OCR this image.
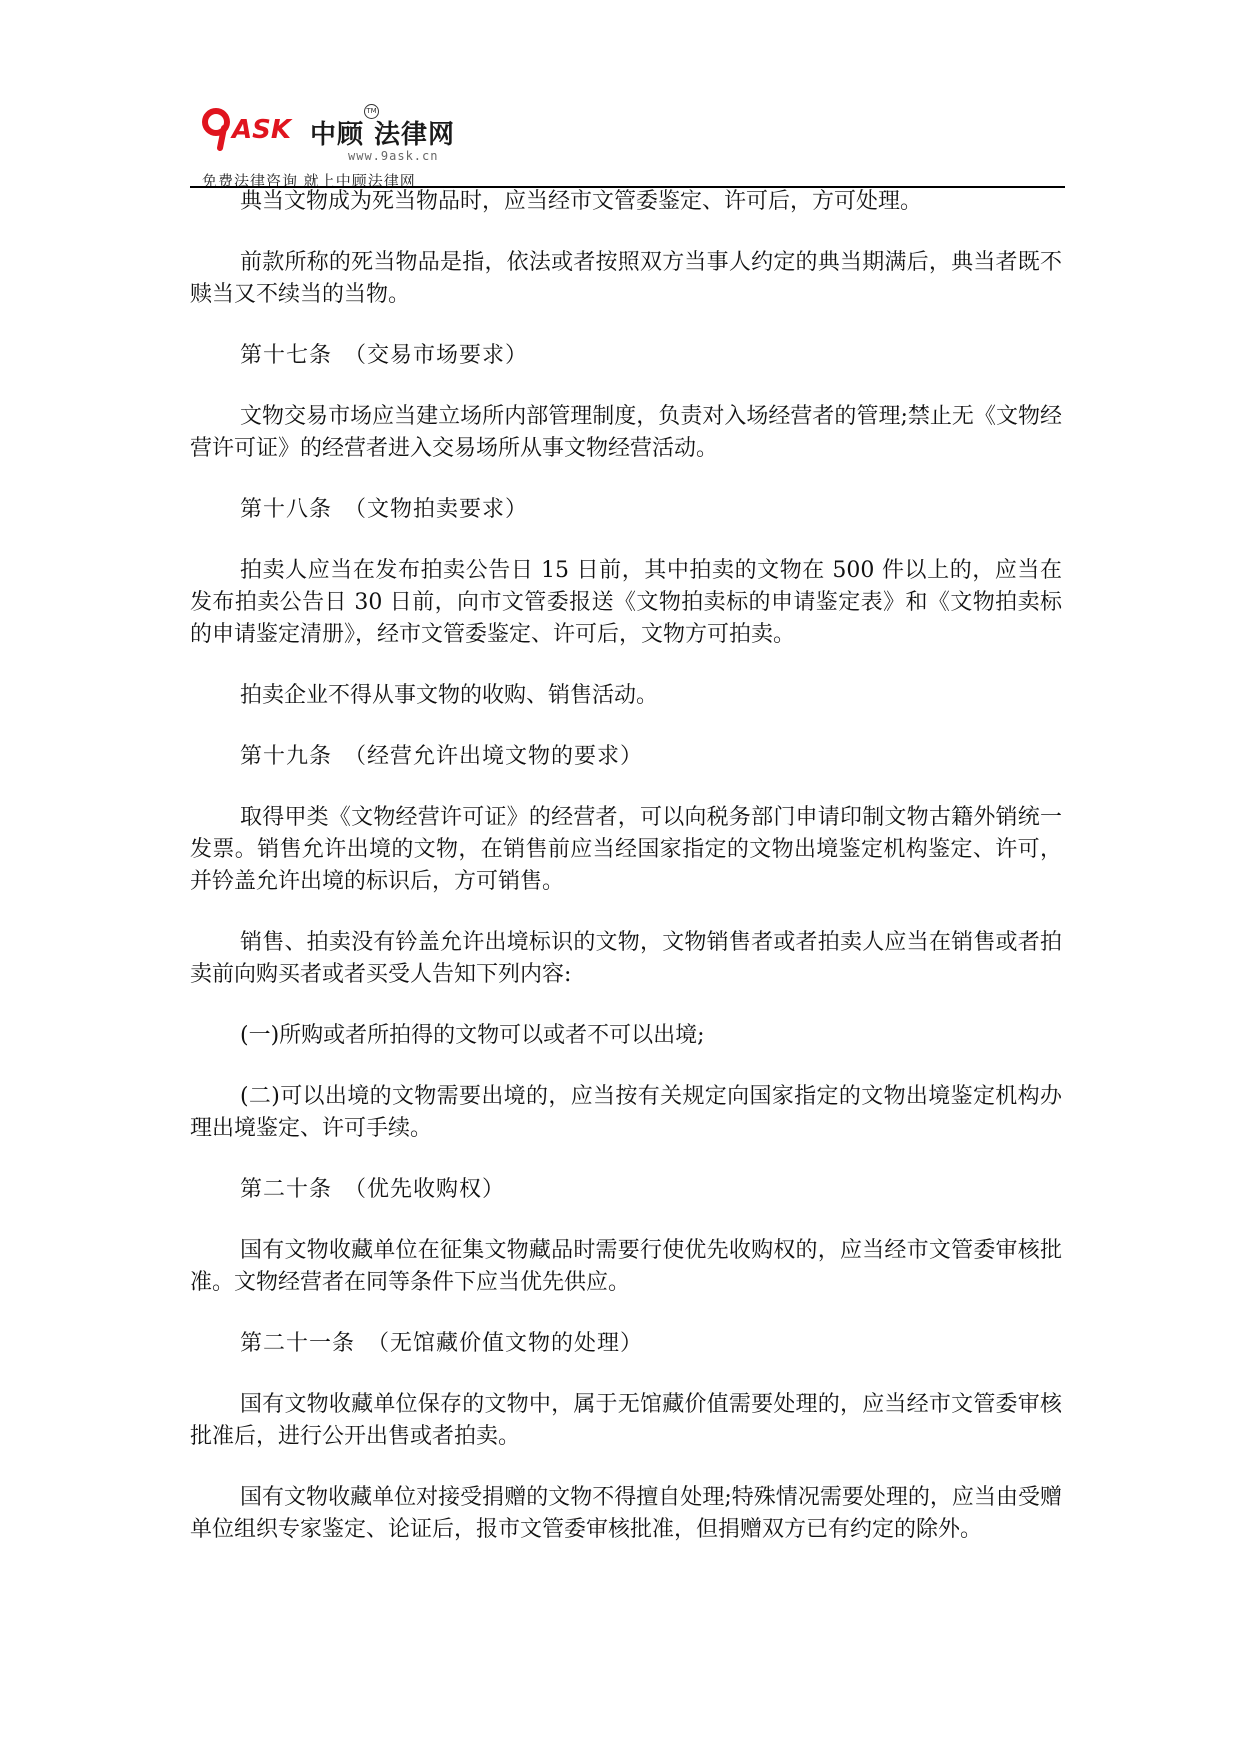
ASK
TM
中顾 法律网
www.9ask.cn
免费法律咨询 就上中顾法律网

典当文物成为死当物品时，应当经市文管委鉴定、许可后，方可处理。

前款所称的死当物品是指，依法或者按照双方当事人约定的典当期满后，典当者既不赎当又不续当的当物。

第十七条　（交易市场要求）

文物交易市场应当建立场所内部管理制度，负责对入场经营者的管理;禁止无《文物经营许可证》的经营者进入交易场所从事文物经营活动。

第十八条　（文物拍卖要求）

拍卖人应当在发布拍卖公告日 15 日前，其中拍卖的文物在 500 件以上的，应当在发布拍卖公告日 30 日前，向市文管委报送《文物拍卖标的申请鉴定表》和《文物拍卖标的申请鉴定清册》，经市文管委鉴定、许可后，文物方可拍卖。

拍卖企业不得从事文物的收购、销售活动。

第十九条　（经营允许出境文物的要求）

取得甲类《文物经营许可证》的经营者，可以向税务部门申请印制文物古籍外销统一发票。销售允许出境的文物，在销售前应当经国家指定的文物出境鉴定机构鉴定、许可，并钤盖允许出境的标识后，方可销售。

销售、拍卖没有钤盖允许出境标识的文物，文物销售者或者拍卖人应当在销售或者拍卖前向购买者或者买受人告知下列内容:

(一)所购或者所拍得的文物可以或者不可以出境;

(二)可以出境的文物需要出境的，应当按有关规定向国家指定的文物出境鉴定机构办理出境鉴定、许可手续。

第二十条　（优先收购权）

国有文物收藏单位在征集文物藏品时需要行使优先收购权的，应当经市文管委审核批准。文物经营者在同等条件下应当优先供应。

第二十一条　（无馆藏价值文物的处理）

国有文物收藏单位保存的文物中，属于无馆藏价值需要处理的，应当经市文管委审核批准后，进行公开出售或者拍卖。

国有文物收藏单位对接受捐赠的文物不得擅自处理;特殊情况需要处理的，应当由受赠单位组织专家鉴定、论证后，报市文管委审核批准，但捐赠双方已有约定的除外。
